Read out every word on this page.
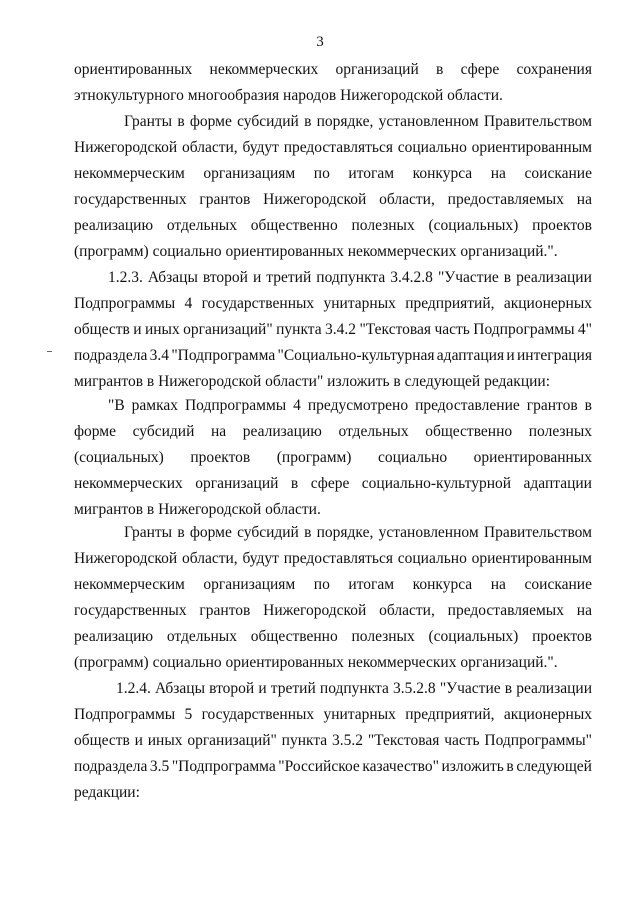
3
ориентированных некоммерческих организаций в сфере сохранения
этнокультурного многообразия народов Нижегородской области.
Гранты в форме субсидий в порядке, установленном Правительством
Нижегородской области, будут предоставляться социально ориентированным
некоммерческим организациям по итогам конкурса на соискание
государственных грантов Нижегородской области, предоставляемых на
реализацию отдельных общественно полезных (социальных) проектов
(программ) социально ориентированных некоммерческих организаций.".
1.2.3. Абзацы второй и третий подпункта 3.4.2.8 "Участие в реализации
Подпрограммы 4 государственных унитарных предприятий, акционерных
обществ и иных организаций" пункта 3.4.2 "Текстовая часть Подпрограммы 4"
подраздела 3.4 "Подпрограмма "Социально-культурная адаптация и интеграция
мигрантов в Нижегородской области" изложить в следующей редакции:
"В рамках Подпрограммы 4 предусмотрено предоставление грантов в
форме субсидий на реализацию отдельных общественно полезных
(социальных) проектов (программ) социально ориентированных
некоммерческих организаций в сфере социально-культурной адаптации
мигрантов в Нижегородской области.
Гранты в форме субсидий в порядке, установленном Правительством
Нижегородской области, будут предоставляться социально ориентированным
некоммерческим организациям по итогам конкурса на соискание
государственных грантов Нижегородской области, предоставляемых на
реализацию отдельных общественно полезных (социальных) проектов
(программ) социально ориентированных некоммерческих организаций.".
1.2.4. Абзацы второй и третий подпункта 3.5.2.8 "Участие в реализации
Подпрограммы 5 государственных унитарных предприятий, акционерных
обществ и иных организаций" пункта 3.5.2 "Текстовая часть Подпрограммы"
подраздела 3.5 "Подпрограмма "Российское казачество" изложить в следующей
редакции:
